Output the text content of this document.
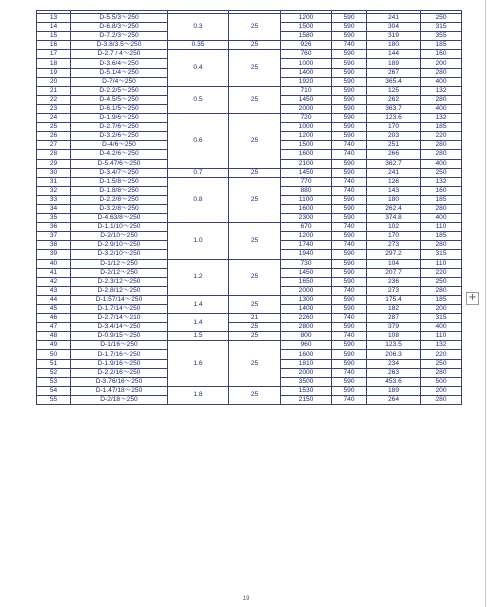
+

13	D-5.5/3～250	0.3	25	1200	590	241	250
14	D-6.8/3～250			1500	590	304	315
15	D-7.2/3～250			1580	590	319	355
16	D-3.8/3.5～250	0.35	25	926	740	180	185
17	D-2.7 / 4～250	0.4	25	760	590	144	160
18	D-3.6/4～250			1000	590	189	200
19	D-5.1/4～250			1400	590	267	280
20	D-7/4～250			1920	590	365.4	400
21	D-2.2/5～250	0.5	25	710	590	125	132
22	D-4.5/5～250			1450	590	262	280
23	D-6.1/5～250			2000	590	363.7	400
24	D-1.9/6～250	0.6	25	720	590	123.6	132
25	D-2.7/6～250			1000	590	170	185
26	D-3.2/6～250			1200	590	203	220
27	D-4/6～250			1500	740	251	280
28	D-4.2/6～250			1600	740	266	280
29	D-5.47/6～250			2100	590	362.7	400
30	D-3.4/7～250	0.7	25	1450	590	241	250
31	D-1.5/8～250	0.8	25	770	740	126	132
32	D-1.8/8～250			880	740	143	160
33	D-2.2/8～250			1100	590	180	185
34	D-3.2/8～250			1600	590	262.4	280
35	D-4.63/8～250			2300	590	374.8	400
36	D-1.1/10～250	1.0	25	670	740	102	110
37	D-2/10～250			1200	590	170	185
38	D-2.9/10～250			1740	740	273	280
39	D-3.2/10～250			1940	590	297.2	315
40	D-1/12～250	1.2	25	730	590	104	110
41	D-2/12～250			1450	590	207.7	220
42	D-2.3/12～250			1650	590	236	250
43	D-2.8/12～250			2000	740	273	280
44	D-1.57/14～250	1.4	25	1300	590	175.4	185
45	D-1.7/14～250			1400	590	182	200
46	D-2.7/14～210	1.4	21	2260	740	287	315
47	D-3.4/14～250		25	2800	590	379	400
48	D-0.9/15～250	1.5	25	800	740	108	110
49	D-1/16～250	1.6	25	960	590	123.5	132
50	D-1.7/16～250			1600	590	206.3	220
51	D-1.9/16～250			1810	590	234	250
52	D-2.2/16～250			2000	740	263	280
53	D-3.76/16～250			3500	590	453.6	500
54	D-1.47/18～250	1.8	25	1530	590	189	200
55	D-2/18～250			2150	740	264	280
19
